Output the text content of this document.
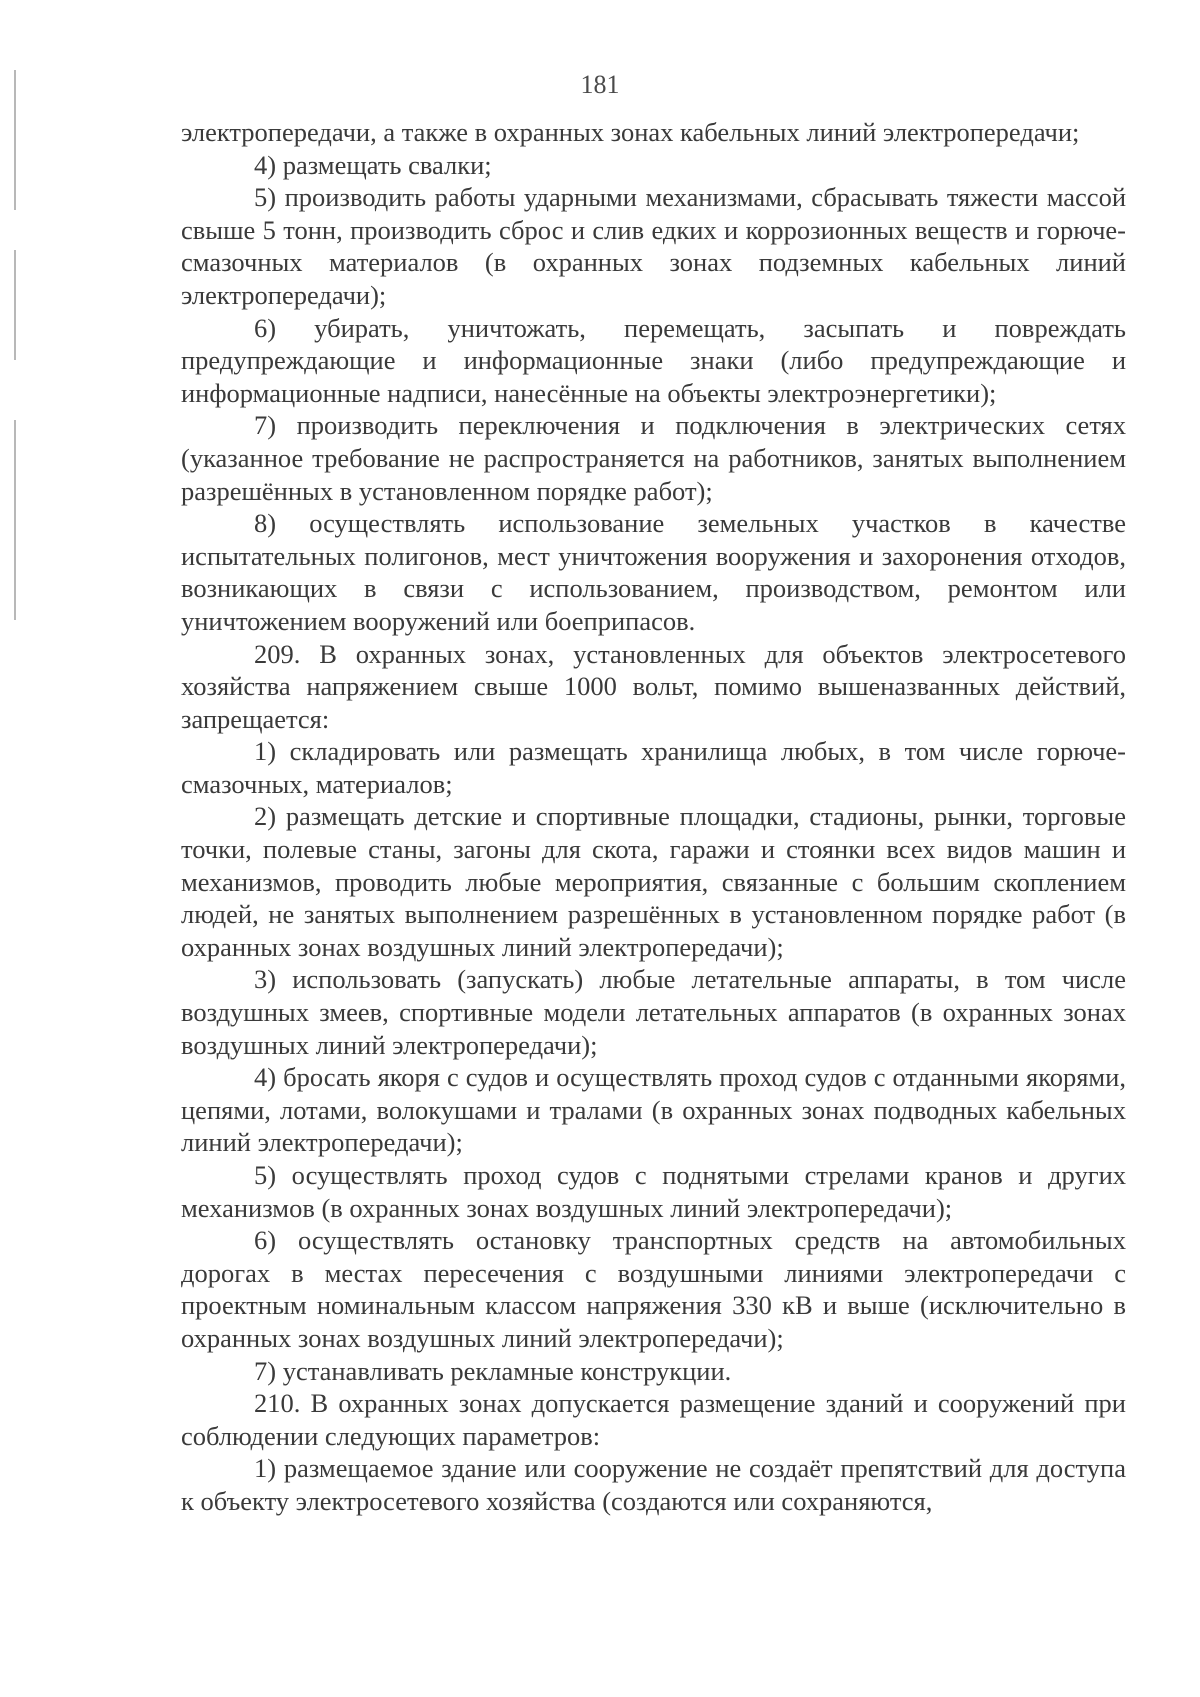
181

электропередачи, а также в охранных зонах кабельных линий электропередачи;

4) размещать свалки;

5) производить работы ударными механизмами, сбрасывать тяжести массой свыше 5 тонн, производить сброс и слив едких и коррозионных веществ и горюче-смазочных материалов (в охранных зонах подземных кабельных линий электропередачи);

6) убирать, уничтожать, перемещать, засыпать и повреждать предупреждающие и информационные знаки (либо предупреждающие и информационные надписи, нанесённые на объекты электроэнергетики);

7) производить переключения и подключения в электрических сетях (указанное требование не распространяется на работников, занятых выполнением разрешённых в установленном порядке работ);

8) осуществлять использование земельных участков в качестве испытательных полигонов, мест уничтожения вооружения и захоронения отходов, возникающих в связи с использованием, производством, ремонтом или уничтожением вооружений или боеприпасов.

209. В охранных зонах, установленных для объектов электросетевого хозяйства напряжением свыше 1000 вольт, помимо вышеназванных действий, запрещается:

1) складировать или размещать хранилища любых, в том числе горюче-смазочных, материалов;

2) размещать детские и спортивные площадки, стадионы, рынки, торговые точки, полевые станы, загоны для скота, гаражи и стоянки всех видов машин и механизмов, проводить любые мероприятия, связанные с большим скоплением людей, не занятых выполнением разрешённых в установленном порядке работ (в охранных зонах воздушных линий электропередачи);

3) использовать (запускать) любые летательные аппараты, в том числе воздушных змеев, спортивные модели летательных аппаратов (в охранных зонах воздушных линий электропередачи);

4) бросать якоря с судов и осуществлять проход судов с отданными якорями, цепями, лотами, волокушами и тралами (в охранных зонах подводных кабельных линий электропередачи);

5) осуществлять проход судов с поднятыми стрелами кранов и других механизмов (в охранных зонах воздушных линий электропередачи);

6) осуществлять остановку транспортных средств на автомобильных дорогах в местах пересечения с воздушными линиями электропередачи с проектным номинальным классом напряжения 330 кВ и выше (исключительно в охранных зонах воздушных линий электропередачи);

7) устанавливать рекламные конструкции.

210. В охранных зонах допускается размещение зданий и сооружений при соблюдении следующих параметров:

1) размещаемое здание или сооружение не создаёт препятствий для доступа к объекту электросетевого хозяйства (создаются или сохраняются,
